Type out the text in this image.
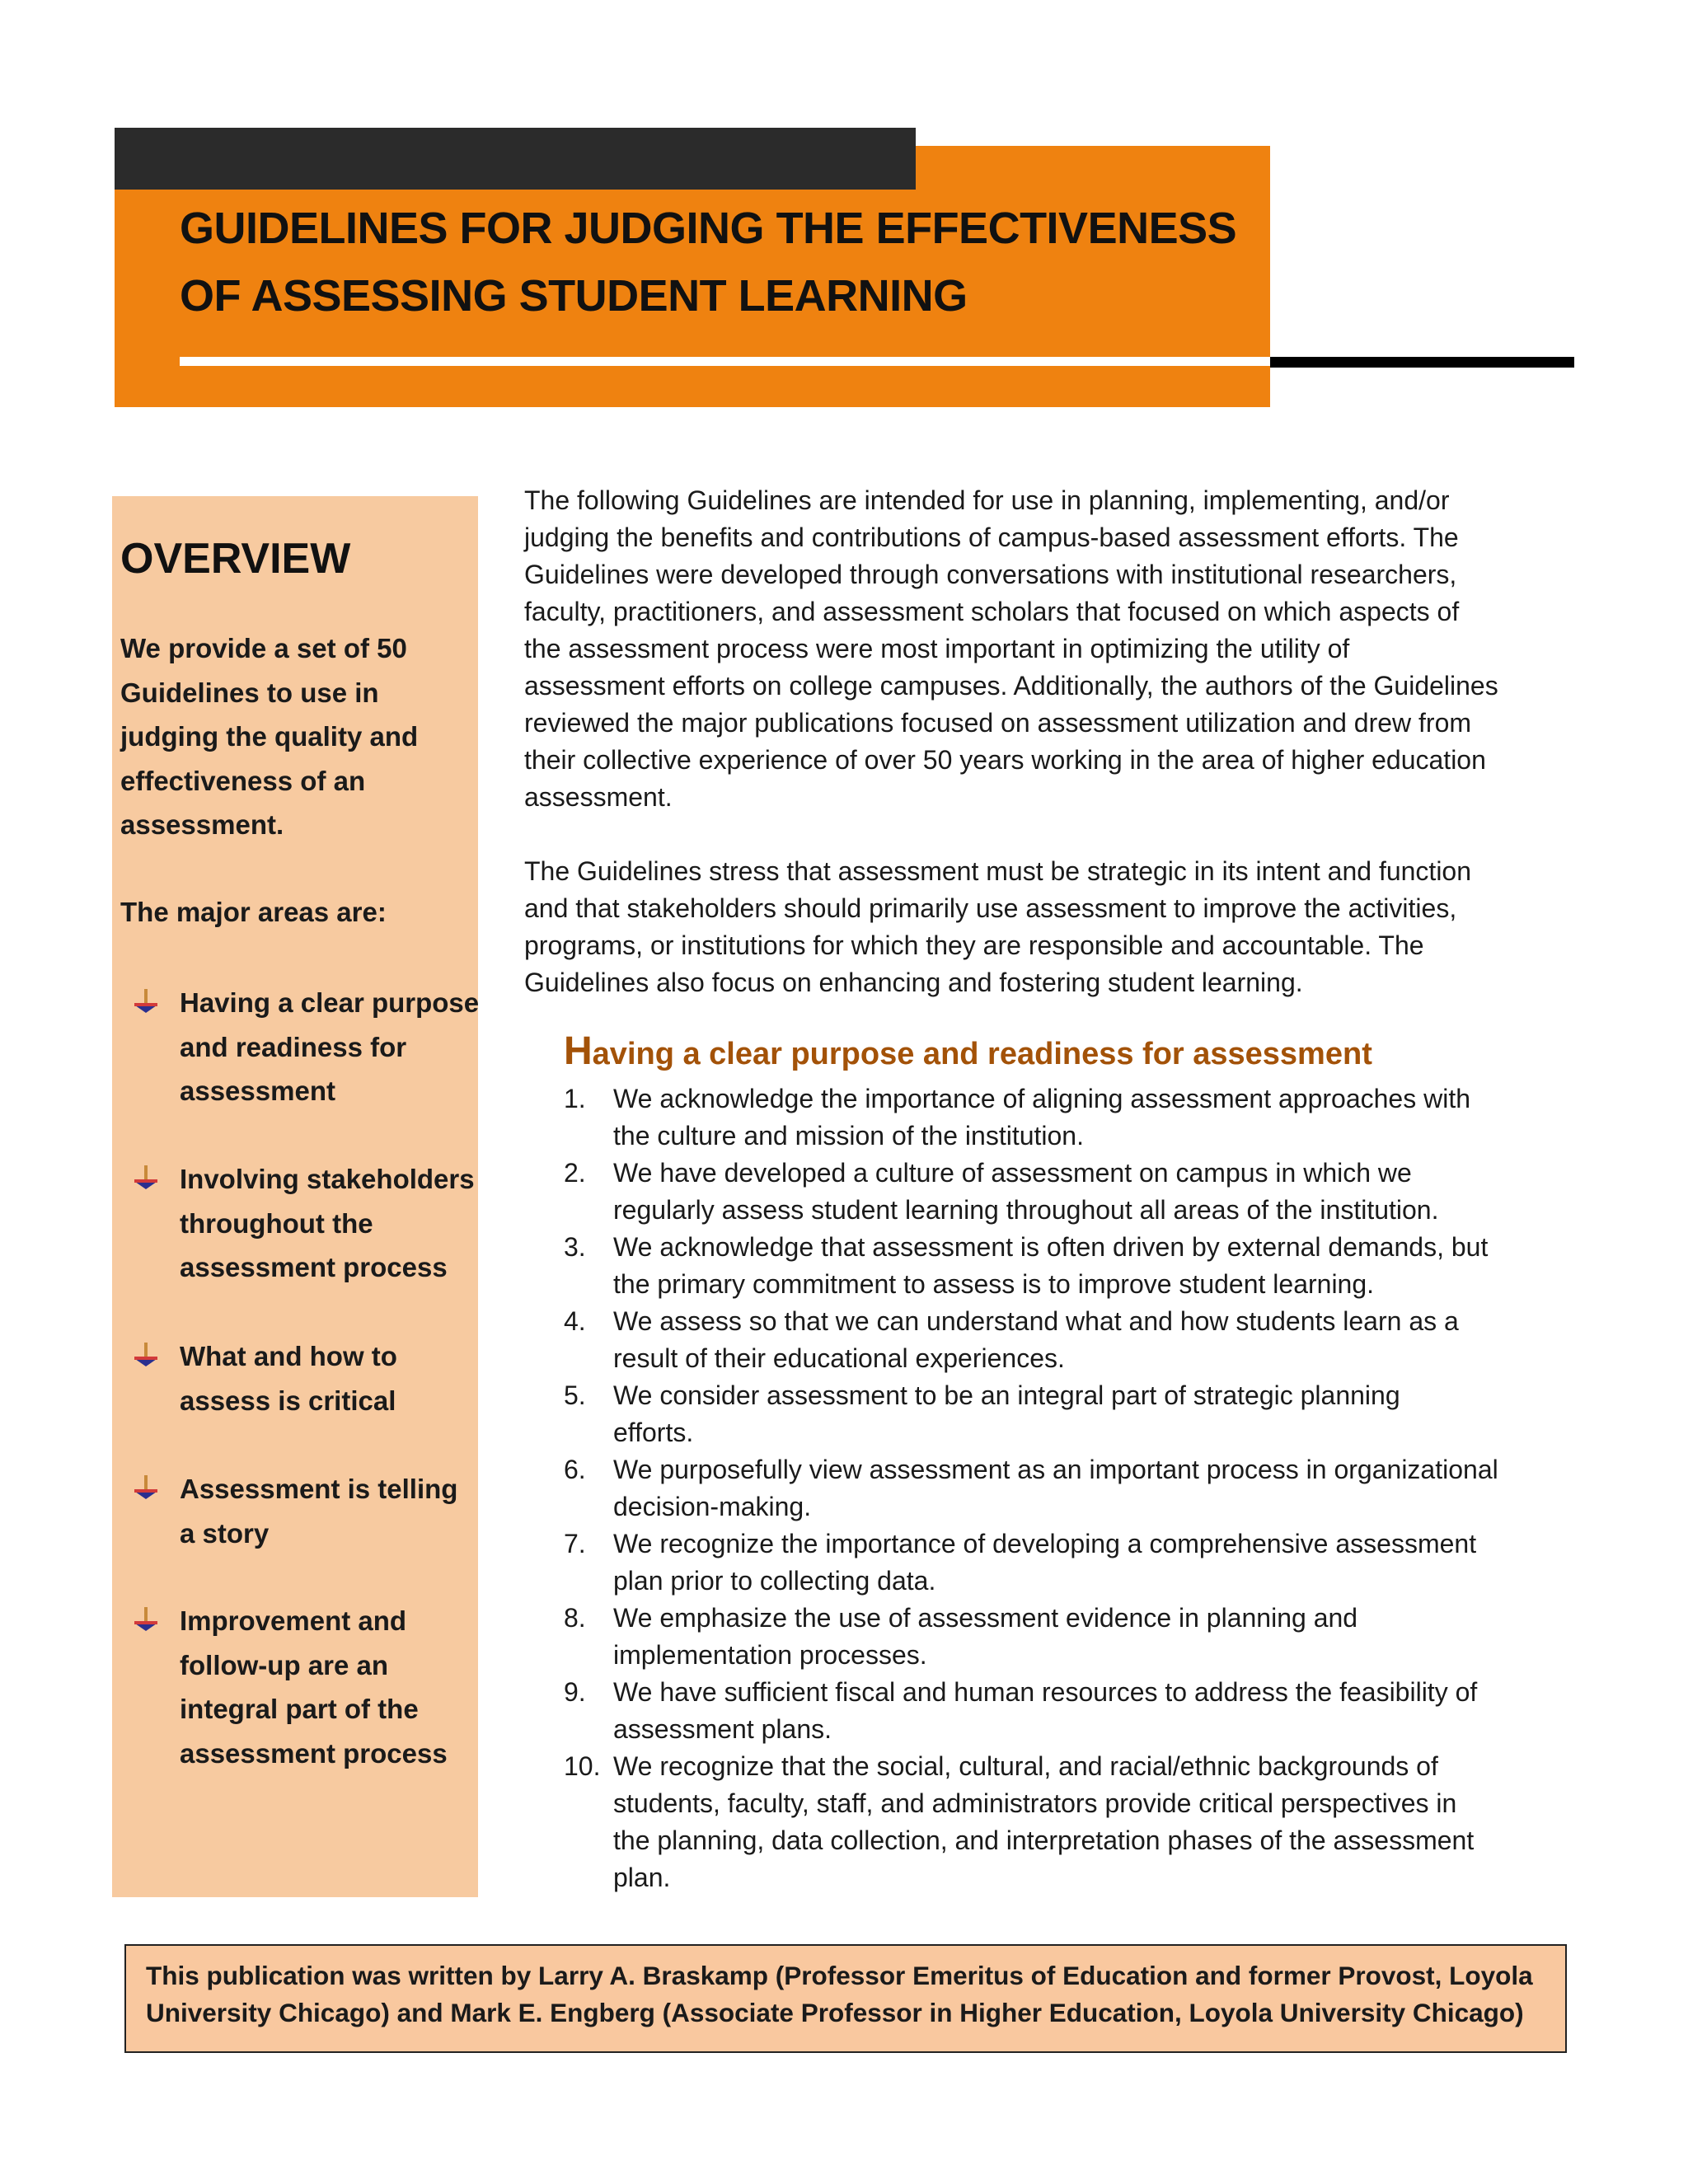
GUIDELINES FOR JUDGING THE EFFECTIVENESS
OF ASSESSING STUDENT LEARNING
OVERVIEW
We provide a set of 50
Guidelines to use in
judging the quality and
effectiveness of an
assessment.
The major areas are:
Having a clear purpose
and readiness for
assessment
Involving stakeholders
throughout the
assessment process
What and how to
assess is critical
Assessment is telling
a story
Improvement and
follow-up are an
integral part of the
assessment process
The following Guidelines are intended for use in planning, implementing, and/or
judging the benefits and contributions of campus-based assessment efforts. The
Guidelines were developed through conversations with institutional researchers,
faculty, practitioners, and assessment scholars that focused on which aspects of
the assessment process were most important in optimizing the utility of
assessment efforts on college campuses. Additionally, the authors of the Guidelines
reviewed the major publications focused on assessment utilization and drew from
their collective experience of over 50 years working in the area of higher education
assessment.
The Guidelines stress that assessment must be strategic in its intent and function
and that stakeholders should primarily use assessment to improve the activities,
programs, or institutions for which they are responsible and accountable. The
Guidelines also focus on enhancing and fostering student learning.
Having a clear purpose and readiness for assessment
1. We acknowledge the importance of aligning assessment approaches with
the culture and mission of the institution.
2. We have developed a culture of assessment on campus in which we
regularly assess student learning throughout all areas of the institution.
3. We acknowledge that assessment is often driven by external demands, but
the primary commitment to assess is to improve student learning.
4. We assess so that we can understand what and how students learn as a
result of their educational experiences.
5. We consider assessment to be an integral part of strategic planning
efforts.
6. We purposefully view assessment as an important process in organizational
decision-making.
7. We recognize the importance of developing a comprehensive assessment
plan prior to collecting data.
8. We emphasize the use of assessment evidence in planning and
implementation processes.
9. We have sufficient fiscal and human resources to address the feasibility of
assessment plans.
10. We recognize that the social, cultural, and racial/ethnic backgrounds of
students, faculty, staff, and administrators provide critical perspectives in
the planning, data collection, and interpretation phases of the assessment
plan.
This publication was written by Larry A. Braskamp (Professor Emeritus of Education and former Provost, Loyola
University Chicago) and Mark E. Engberg (Associate Professor in Higher Education, Loyola University Chicago)
